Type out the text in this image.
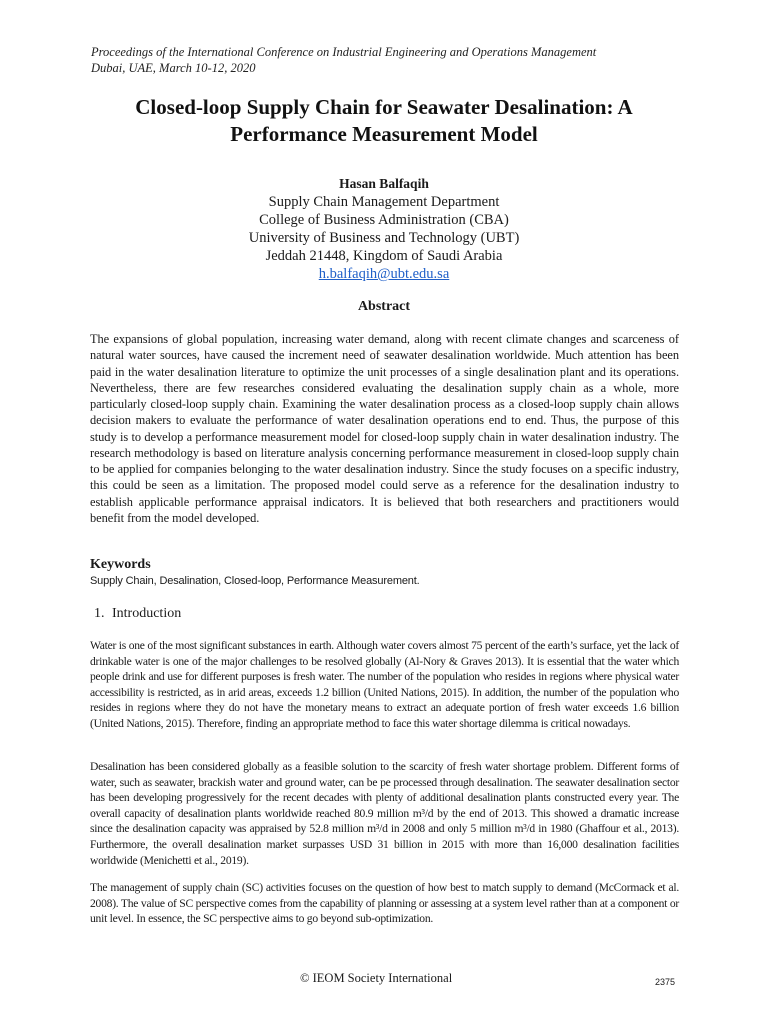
Proceedings of the International Conference on Industrial Engineering and Operations Management
Dubai, UAE, March 10-12, 2020
Closed-loop Supply Chain for Seawater Desalination: A
Performance Measurement Model
Hasan Balfaqih
Supply Chain Management Department
College of Business Administration (CBA)
University of Business and Technology (UBT)
Jeddah 21448, Kingdom of Saudi Arabia
h.balfaqih@ubt.edu.sa
Abstract
The expansions of global population, increasing water demand, along with recent climate changes and scarceness of natural water sources, have caused the increment need of seawater desalination worldwide. Much attention has been paid in the water desalination literature to optimize the unit processes of a single desalination plant and its operations. Nevertheless, there are few researches considered evaluating the desalination supply chain as a whole, more particularly closed-loop supply chain. Examining the water desalination process as a closed-loop supply chain allows decision makers to evaluate the performance of water desalination operations end to end. Thus, the purpose of this study is to develop a performance measurement model for closed-loop supply chain in water desalination industry. The research methodology is based on literature analysis concerning performance measurement in closed-loop supply chain to be applied for companies belonging to the water desalination industry. Since the study focuses on a specific industry, this could be seen as a limitation. The proposed model could serve as a reference for the desalination industry to establish applicable performance appraisal indicators. It is believed that both researchers and practitioners would benefit from the model developed.
Keywords
Supply Chain, Desalination, Closed-loop, Performance Measurement.
1. Introduction
Water is one of the most significant substances in earth. Although water covers almost 75 percent of the earth’s surface, yet the lack of drinkable water is one of the major challenges to be resolved globally (Al-Nory & Graves 2013). It is essential that the water which people drink and use for different purposes is fresh water. The number of the population who resides in regions where physical water accessibility is restricted, as in arid areas, exceeds 1.2 billion (United Nations, 2015). In addition, the number of the population who resides in regions where they do not have the monetary means to extract an adequate portion of fresh water exceeds 1.6 billion (United Nations, 2015). Therefore, finding an appropriate method to face this water shortage dilemma is critical nowadays.
Desalination has been considered globally as a feasible solution to the scarcity of fresh water shortage problem. Different forms of water, such as seawater, brackish water and ground water, can be pe processed through desalination. The seawater desalination sector has been developing progressively for the recent decades with plenty of additional desalination plants constructed every year. The overall capacity of desalination plants worldwide reached 80.9 million m³/d by the end of 2013. This showed a dramatic increase since the desalination capacity was appraised by 52.8 million m³/d in 2008 and only 5 million m³/d in 1980 (Ghaffour et al., 2013). Furthermore, the overall desalination market surpasses USD 31 billion in 2015 with more than 16,000 desalination facilities worldwide (Menichetti et al., 2019).
The management of supply chain (SC) activities focuses on the question of how best to match supply to demand (McCormack et al. 2008). The value of SC perspective comes from the capability of planning or assessing at a system level rather than at a component or unit level. In essence, the SC perspective aims to go beyond sub-optimization.
© IEOM Society International	2375
